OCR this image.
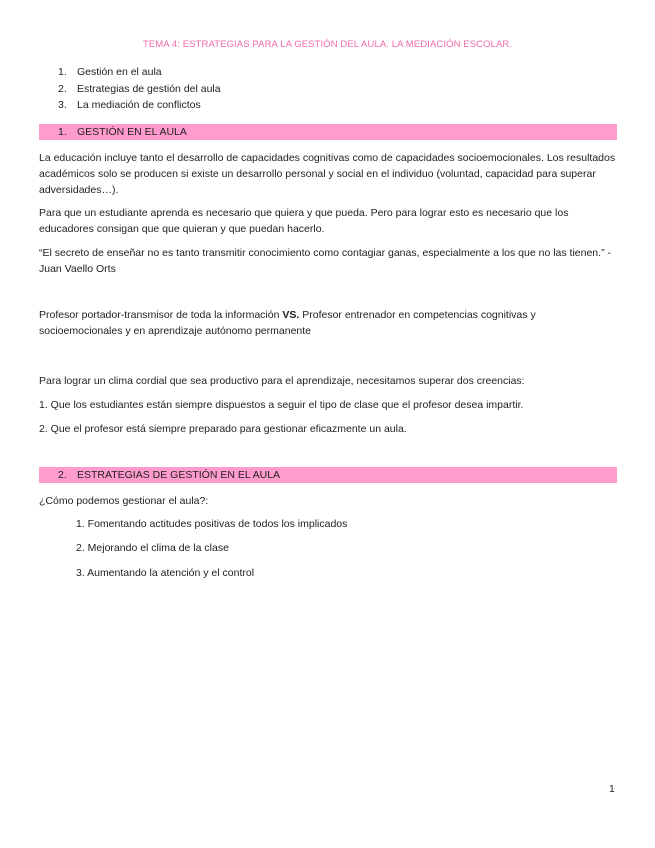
TEMA 4: ESTRATEGIAS PARA LA GESTIÓN DEL AULA. LA MEDIACIÓN ESCOLAR.
1. Gestión en el aula
2. Estrategias de gestión del aula
3. La mediación de conflictos
1. GESTIÓN EN EL AULA

La educación incluye tanto el desarrollo de capacidades cognitivas como de capacidades socioemocionales. Los resultados académicos solo se producen si existe un desarrollo personal y social en el individuo (voluntad, capacidad para superar adversidades…).

Para que un estudiante aprenda es necesario que quiera y que pueda. Pero para lograr esto es necesario que los educadores consigan que que quieran y que puedan hacerlo.

“El secreto de enseñar no es tanto transmitir conocimiento como contagiar ganas, especialmente a los que no las tienen.” - Juan Vaello Orts

Profesor portador-transmisor de toda la información VS. Profesor entrenador en competencias cognitivas y socioemocionales y en aprendizaje autónomo permanente

Para lograr un clima cordial que sea productivo para el aprendizaje, necesitamos superar dos creencias:

1. Que los estudiantes están siempre dispuestos a seguir el tipo de clase que el profesor desea impartir.

2. Que el profesor está siempre preparado para gestionar eficazmente un aula.

2. ESTRATEGIAS DE GESTIÓN EN EL AULA

¿Cómo podemos gestionar el aula?:

1. Fomentando actitudes positivas de todos los implicados

2. Mejorando el clima de la clase

3. Aumentando la atención y el control

1
